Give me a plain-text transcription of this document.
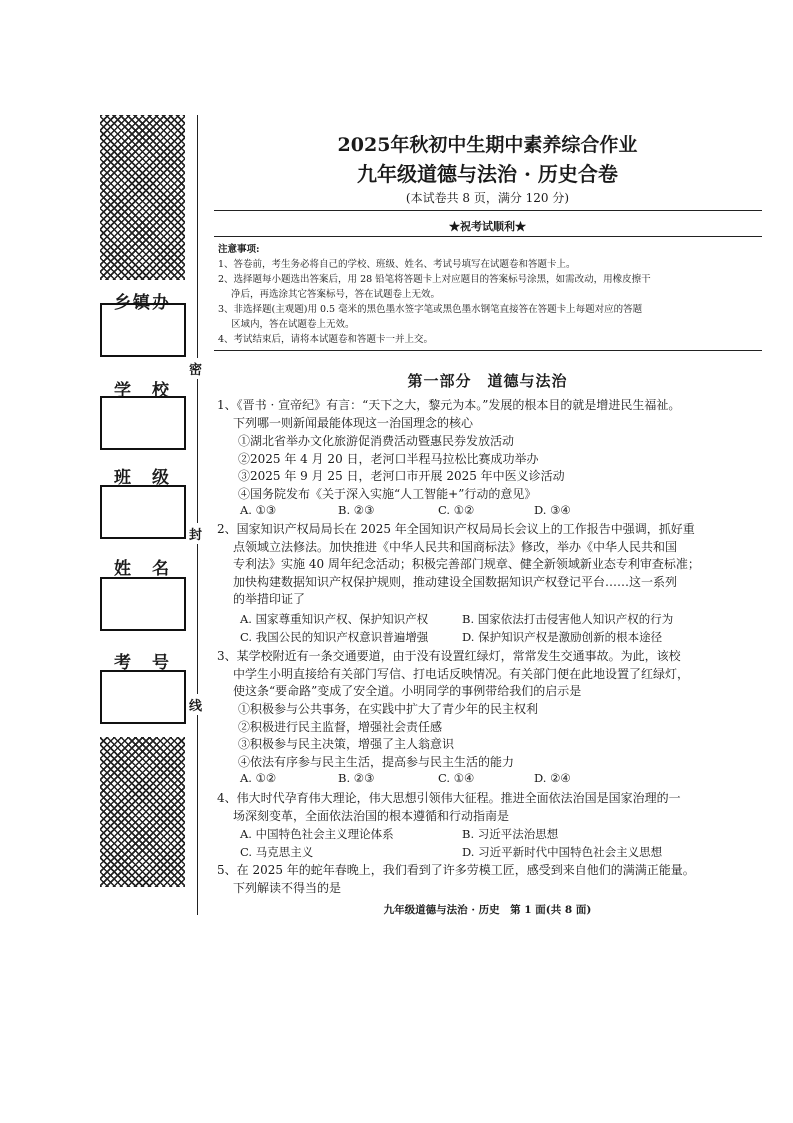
乡镇办
学　校
班　级
姓　名
考　号
密
封
线
2025年秋初中生期中素养综合作业
九年级道德与法治 · 历史合卷
(本试卷共 8 页，满分 120 分)
★祝考试顺利★
注意事项:
1、答卷前，考生务必将自己的学校、班级、姓名、考试号填写在试题卷和答题卡上。
2、选择题每小题选出答案后，用 28 铅笔将答题卡上对应题目的答案标号涂黑，如需改动，用橡皮擦干
净后，再选涂其它答案标号，答在试题卷上无效。
3、非选择题(主观题)用 0.5 毫米的黑色墨水签字笔或黑色墨水钢笔直接答在答题卡上每题对应的答题
区域内，答在试题卷上无效。
4、考试结束后，请将本试题卷和答题卡一并上交。
第一部分　道德与法治
1、《晋书 · 宣帝纪》有言：“天下之大，黎元为本。”发展的根本目的就是增进民生福祉。
下列哪一则新闻最能体现这一治国理念的核心
①湖北省举办文化旅游促消费活动暨惠民券发放活动
②2025 年 4 月 20 日，老河口半程马拉松比赛成功举办
③2025 年 9 月 25 日，老河口市开展 2025 年中医义诊活动
④国务院发布《关于深入实施“人工智能+”行动的意见》
A. ①③	B. ②③	C. ①②	D. ③④
2、国家知识产权局局长在 2025 年全国知识产权局局长会议上的工作报告中强调，抓好重
点领域立法修法。加快推进《中华人民共和国商标法》修改，举办《中华人民共和国
专利法》实施 40 周年纪念活动；积极完善部门规章、健全新领域新业态专利审查标准；
加快构建数据知识产权保护规则，推动建设全国数据知识产权登记平台……这一系列
的举措印证了
A. 国家尊重知识产权、保护知识产权	B. 国家依法打击侵害他人知识产权的行为
C. 我国公民的知识产权意识普遍增强	D. 保护知识产权是激励创新的根本途径
3、某学校附近有一条交通要道，由于没有设置红绿灯，常常发生交通事故。为此，该校
中学生小明直接给有关部门写信、打电话反映情况。有关部门便在此地设置了红绿灯，
使这条“要命路”变成了安全道。小明同学的事例带给我们的启示是
①积极参与公共事务，在实践中扩大了青少年的民主权利
②积极进行民主监督，增强社会责任感
③积极参与民主决策，增强了主人翁意识
④依法有序参与民主生活，提高参与民主生活的能力
A. ①②	B. ②③	C. ①④	D. ②④
4、伟大时代孕育伟大理论，伟大思想引领伟大征程。推进全面依法治国是国家治理的一
场深刻变革，全面依法治国的根本遵循和行动指南是
A. 中国特色社会主义理论体系	B. 习近平法治思想
C. 马克思主义	D. 习近平新时代中国特色社会主义思想
5、在 2025 年的蛇年春晚上，我们看到了许多劳模工匠，感受到来自他们的满满正能量。
下列解读不得当的是
九年级道德与法治 · 历史　第 1 面(共 8 面)
